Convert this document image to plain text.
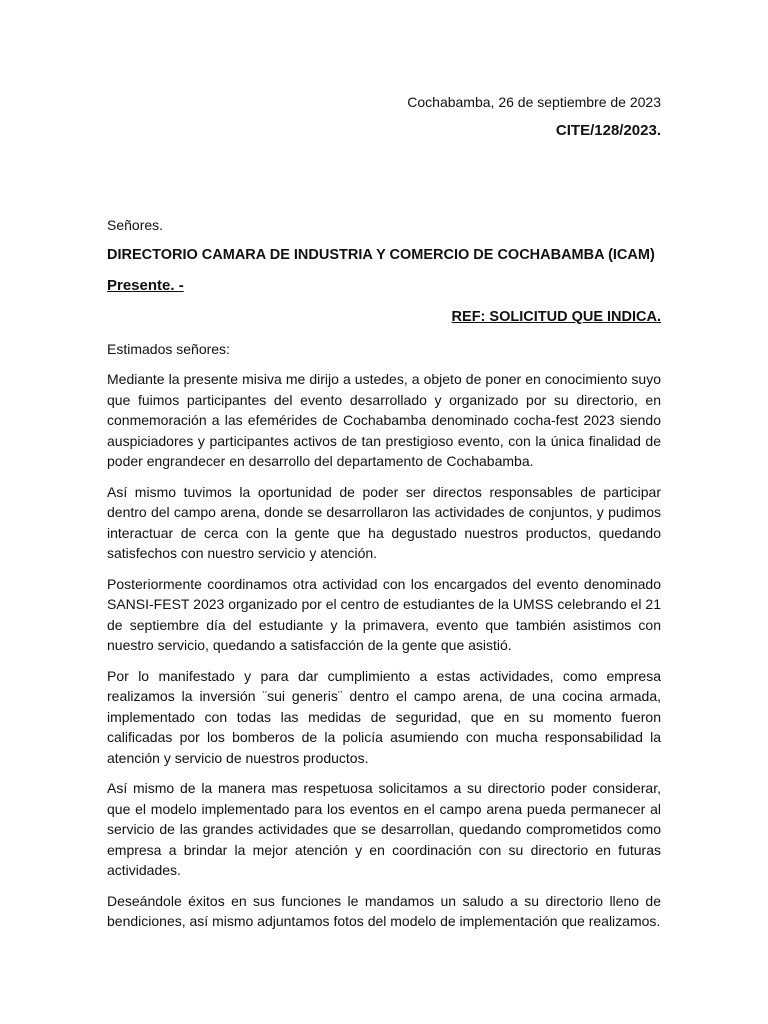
Cochabamba, 26 de septiembre de 2023
CITE/128/2023.
Señores.
DIRECTORIO CAMARA DE INDUSTRIA Y COMERCIO DE COCHABAMBA (ICAM)
Presente. -
REF: SOLICITUD QUE INDICA.
Estimados señores:

Mediante la presente misiva me dirijo a ustedes, a objeto de poner en conocimiento suyo que fuimos participantes del evento desarrollado y organizado por su directorio, en conmemoración a las efemérides de Cochabamba denominado cocha-fest 2023 siendo auspiciadores y participantes activos de tan prestigioso evento, con la única finalidad de poder engrandecer en desarrollo del departamento de Cochabamba.

Así mismo tuvimos la oportunidad de poder ser directos responsables de participar dentro del campo arena, donde se desarrollaron las actividades de conjuntos, y pudimos interactuar de cerca con la gente que ha degustado nuestros productos, quedando satisfechos con nuestro servicio y atención.

Posteriormente coordinamos otra actividad con los encargados del evento denominado SANSI-FEST 2023 organizado por el centro de estudiantes de la UMSS celebrando el 21 de septiembre día del estudiante y la primavera, evento que también asistimos con nuestro servicio, quedando a satisfacción de la gente que asistió.

Por lo manifestado y para dar cumplimiento a estas actividades, como empresa realizamos la inversión ¨sui generis¨ dentro el campo arena, de una cocina armada, implementado con todas las medidas de seguridad, que en su momento fueron calificadas por los bomberos de la policía asumiendo con mucha responsabilidad la atención y servicio de nuestros productos.

Así mismo de la manera mas respetuosa solicitamos a su directorio poder considerar, que el modelo implementado para los eventos en el campo arena pueda permanecer al servicio de las grandes actividades que se desarrollan, quedando comprometidos como empresa a brindar la mejor atención y en coordinación con su directorio en futuras actividades.

Deseándole éxitos en sus funciones le mandamos un saludo a su directorio lleno de bendiciones, así mismo adjuntamos fotos del modelo de implementación que realizamos.
